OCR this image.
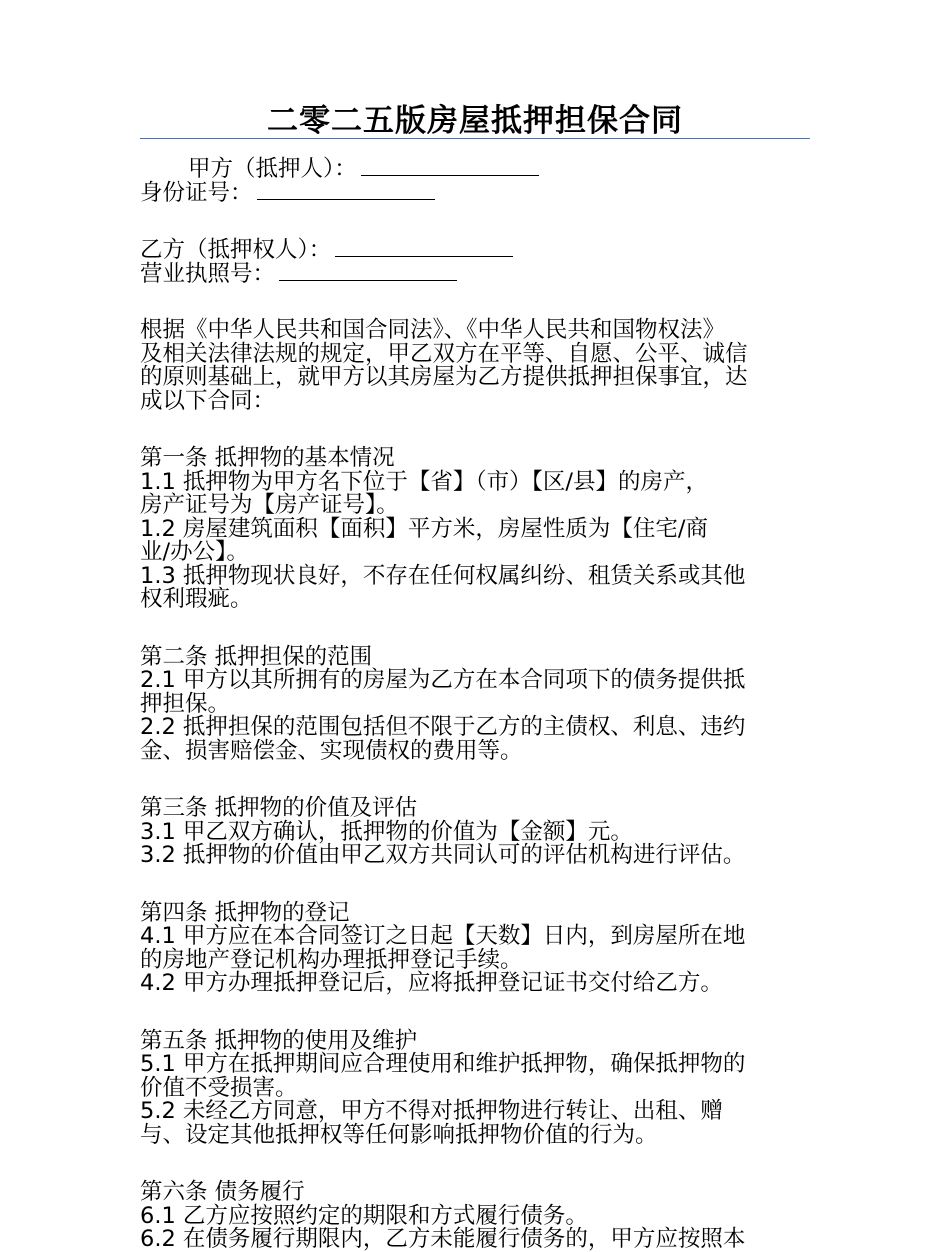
二零二五版房屋抵押担保合同
甲方（抵押人）：
身份证号：
乙方（抵押权人）：
营业执照号：
根据《中华人民共和国合同法》、《中华人民共和国物权法》
及相关法律法规的规定，甲乙双方在平等、自愿、公平、诚信
的原则基础上，就甲方以其房屋为乙方提供抵押担保事宜，达
成以下合同：
第一条 抵押物的基本情况
1.1 抵押物为甲方名下位于【省】（市）【区/县】的房产，
房产证号为【房产证号】。
1.2 房屋建筑面积【面积】平方米，房屋性质为【住宅/商
业/办公】。
1.3 抵押物现状良好，不存在任何权属纠纷、租赁关系或其他
权利瑕疵。
第二条 抵押担保的范围
2.1 甲方以其所拥有的房屋为乙方在本合同项下的债务提供抵
押担保。
2.2 抵押担保的范围包括但不限于乙方的主债权、利息、违约
金、损害赔偿金、实现债权的费用等。
第三条 抵押物的价值及评估
3.1 甲乙双方确认，抵押物的价值为【金额】元。
3.2 抵押物的价值由甲乙双方共同认可的评估机构进行评估。
第四条 抵押物的登记
4.1 甲方应在本合同签订之日起【天数】日内，到房屋所在地
的房地产登记机构办理抵押登记手续。
4.2 甲方办理抵押登记后，应将抵押登记证书交付给乙方。
第五条 抵押物的使用及维护
5.1 甲方在抵押期间应合理使用和维护抵押物，确保抵押物的
价值不受损害。
5.2 未经乙方同意，甲方不得对抵押物进行转让、出租、赠
与、设定其他抵押权等任何影响抵押物价值的行为。
第六条 债务履行
6.1 乙方应按照约定的期限和方式履行债务。
6.2 在债务履行期限内，乙方未能履行债务的，甲方应按照本
